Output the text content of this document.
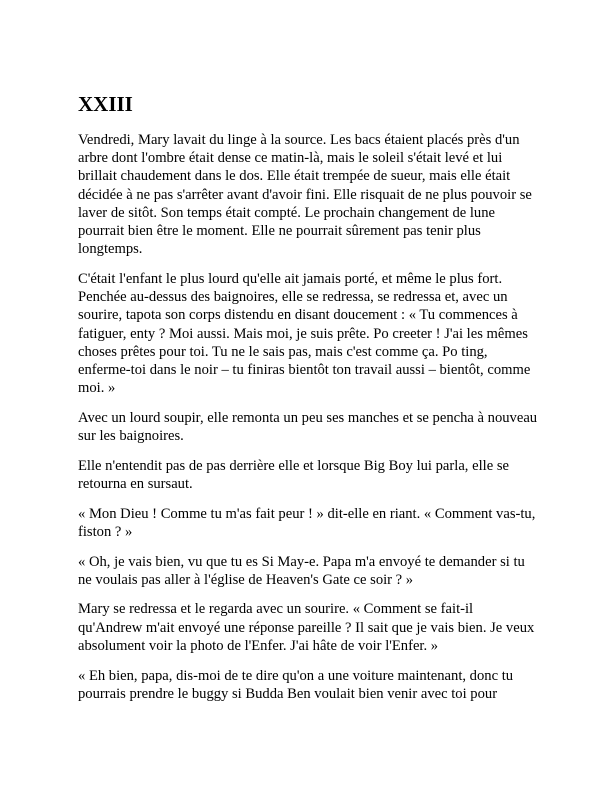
XXIII

Vendredi, Mary lavait du linge à la source. Les bacs étaient placés près d'un arbre dont l'ombre était dense ce matin-là, mais le soleil s'était levé et lui brillait chaudement dans le dos. Elle était trempée de sueur, mais elle était décidée à ne pas s'arrêter avant d'avoir fini. Elle risquait de ne plus pouvoir se laver de sitôt. Son temps était compté. Le prochain changement de lune pourrait bien être le moment. Elle ne pourrait sûrement pas tenir plus longtemps.

C'était l'enfant le plus lourd qu'elle ait jamais porté, et même le plus fort. Penchée au-dessus des baignoires, elle se redressa, se redressa et, avec un sourire, tapota son corps distendu en disant doucement : « Tu commences à fatiguer, enty ? Moi aussi. Mais moi, je suis prête. Po creeter ! J'ai les mêmes choses prêtes pour toi. Tu ne le sais pas, mais c'est comme ça. Po ting, enferme-toi dans le noir – tu finiras bientôt ton travail aussi – bientôt, comme moi. »

Avec un lourd soupir, elle remonta un peu ses manches et se pencha à nouveau sur les baignoires.

Elle n'entendit pas de pas derrière elle et lorsque Big Boy lui parla, elle se retourna en sursaut.

« Mon Dieu ! Comme tu m'as fait peur ! » dit-elle en riant. « Comment vas-tu, fiston ? »

« Oh, je vais bien, vu que tu es Si May-e. Papa m'a envoyé te demander si tu ne voulais pas aller à l'église de Heaven's Gate ce soir ? »

Mary se redressa et le regarda avec un sourire. « Comment se fait-il qu'Andrew m'ait envoyé une réponse pareille ? Il sait que je vais bien. Je veux absolument voir la photo de l'Enfer. J'ai hâte de voir l'Enfer. »

« Eh bien, papa, dis-moi de te dire qu'on a une voiture maintenant, donc tu pourrais prendre le buggy si Budda Ben voulait bien venir avec toi pour
